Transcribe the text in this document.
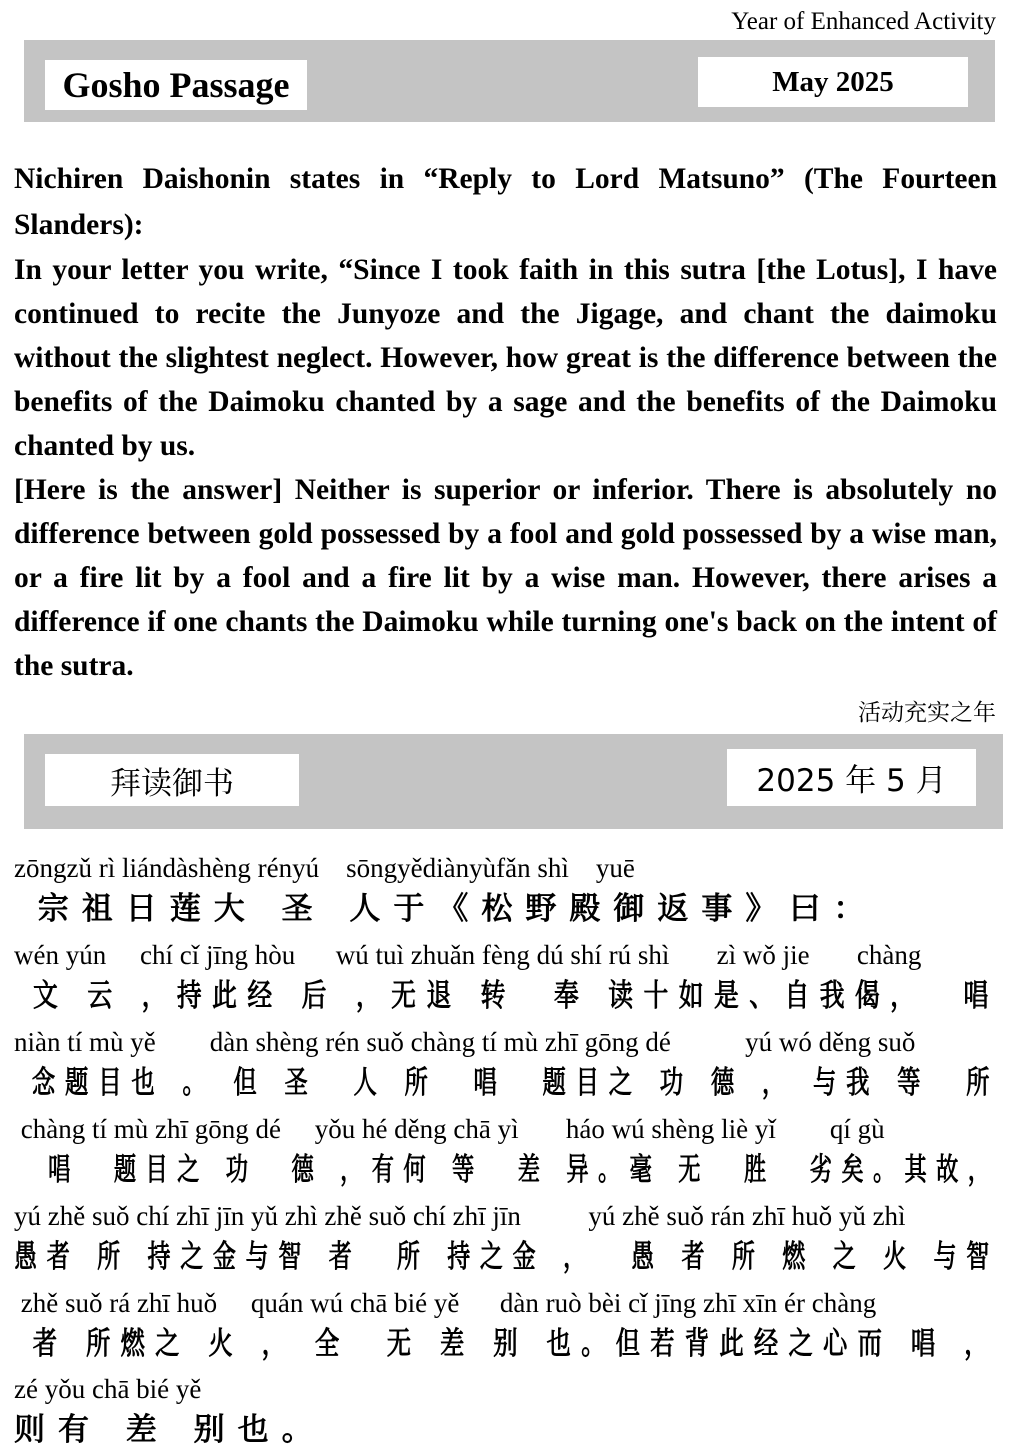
Year of Enhanced Activity
Gosho Passage	May 2025

Nichiren Daishonin states in “Reply to Lord Matsuno” (The Fourteen Slanders):

In your letter you write, “Since I took faith in this sutra [the Lotus], I have continued to recite the Junyoze and the Jigage, and chant the daimoku without the slightest neglect. However, how great is the difference between the benefits of the Daimoku chanted by a sage and the benefits of the Daimoku chanted by us.

[Here is the answer] Neither is superior or inferior. There is absolutely no difference between gold possessed by a fool and gold possessed by a wise man, or a fire lit by a fool and a fire lit by a wise man. However, there arises a difference if one chants the Daimoku while turning one's back on the intent of the sutra.

活动充实之年
拜读御书	2025 年 5 月
zōngzǔ rì liándàshèng rényú    sōngyědiànyùfǎn shì    yuē
宗祖日莲大 圣 人于《松野殿御返事》曰：
wén yún     chí cǐ jīng hòu      wú tuì zhuǎn fèng dú shí rú shì       zì wǒ jie       chàng
文 云 ，持此经 后 ，无退 转  奉 读十如是、自我偈，  唱
niàn tí mù yě        dàn shèng rén suǒ chàng tí mù zhī gōng dé           yú wó děng suǒ
念题目也 。 但 圣  人 所  唱  题目之 功 德 ， 与我 等  所
chàng tí mù zhī gōng dé     yǒu hé děng chā yì       háo wú shèng liè yǐ        qí gù
唱  题目之 功  德 ，有何 等  差 异。毫 无  胜  劣矣。其故，
yú zhě suǒ chí zhī jīn yǔ zhì zhě suǒ chí zhī jīn          yú zhě suǒ rán zhī huǒ yǔ zhì
愚者 所 持之金与智 者  所 持之金 ，  愚 者 所 燃 之 火 与智
zhě suǒ rá zhī huǒ     quán wú chā bié yě      dàn ruò bèi cǐ jīng zhī xīn ér chàng
者 所燃之 火 ， 全  无 差 别 也。但若背此经之心而 唱 ，
zé yǒu chā bié yě
则有 差 别也。
